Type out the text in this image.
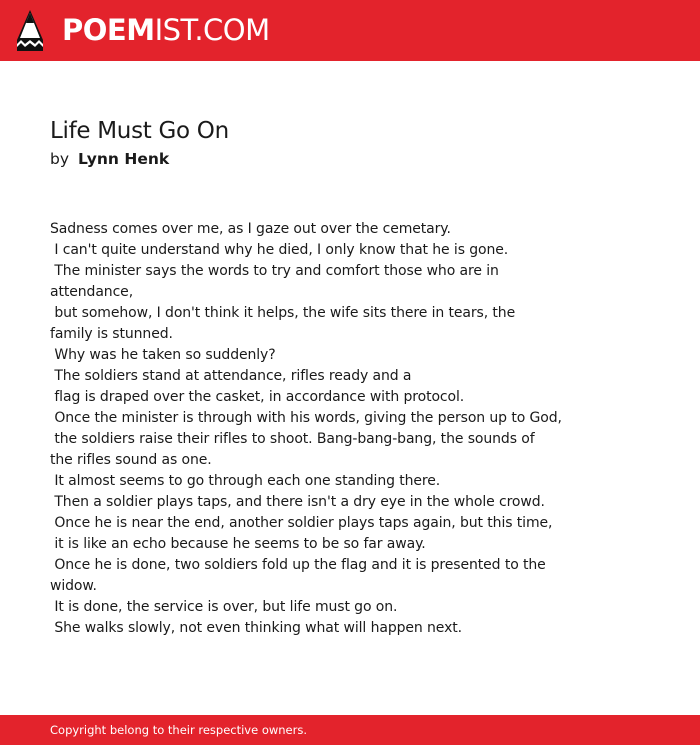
POEMIST.COM
Life Must Go On
by Lynn Henk
Sadness comes over me, as I gaze out over the cemetary.
I can't quite understand why he died, I only know that he is gone.
The minister says the words to try and comfort those who are in
attendance,
but somehow, I don't think it helps, the wife sits there in tears, the
family is stunned.
Why was he taken so suddenly?
The soldiers stand at attendance, rifles ready and a
flag is draped over the casket, in accordance with protocol.
Once the minister is through with his words, giving the person up to God,
the soldiers raise their rifles to shoot. Bang-bang-bang, the sounds of
the rifles sound as one.
It almost seems to go through each one standing there.
Then a soldier plays taps, and there isn't a dry eye in the whole crowd.
Once he is near the end, another soldier plays taps again, but this time,
it is like an echo because he seems to be so far away.
Once he is done, two soldiers fold up the flag and it is presented to the
widow.
It is done, the service is over, but life must go on.
She walks slowly, not even thinking what will happen next.
Copyright belong to their respective owners.
